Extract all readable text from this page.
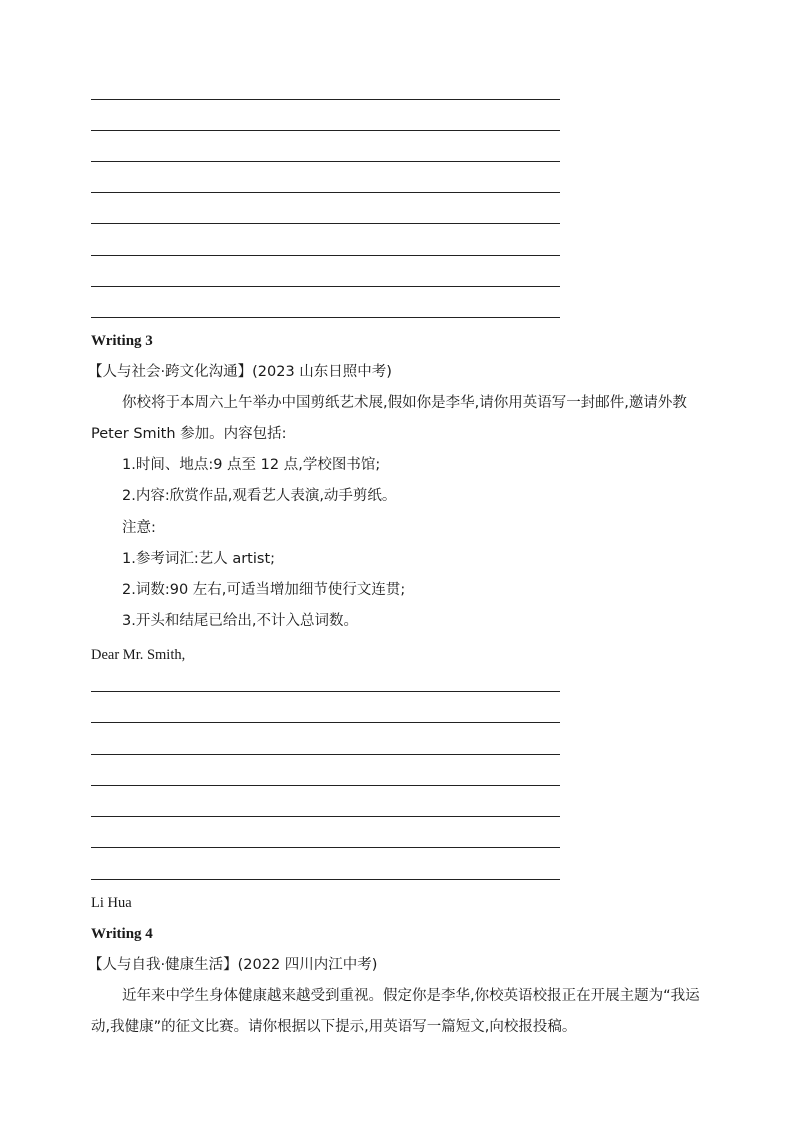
Writing 3
【人与社会·跨文化沟通】(2023 山东日照中考)
你校将于本周六上午举办中国剪纸艺术展,假如你是李华,请你用英语写一封邮件,邀请外教 Peter Smith 参加。内容包括:
1.时间、地点:9 点至 12 点,学校图书馆;
2.内容:欣赏作品,观看艺人表演,动手剪纸。
注意:
1.参考词汇:艺人 artist;
2.词数:90 左右,可适当增加细节使行文连贯;
3.开头和结尾已给出,不计入总词数。
Dear Mr. Smith,
Li Hua
Writing 4
【人与自我·健康生活】(2022 四川内江中考)
近年来中学生身体健康越来越受到重视。假定你是李华,你校英语校报正在开展主题为“我运动,我健康”的征文比赛。请你根据以下提示,用英语写一篇短文,向校报投稿。
